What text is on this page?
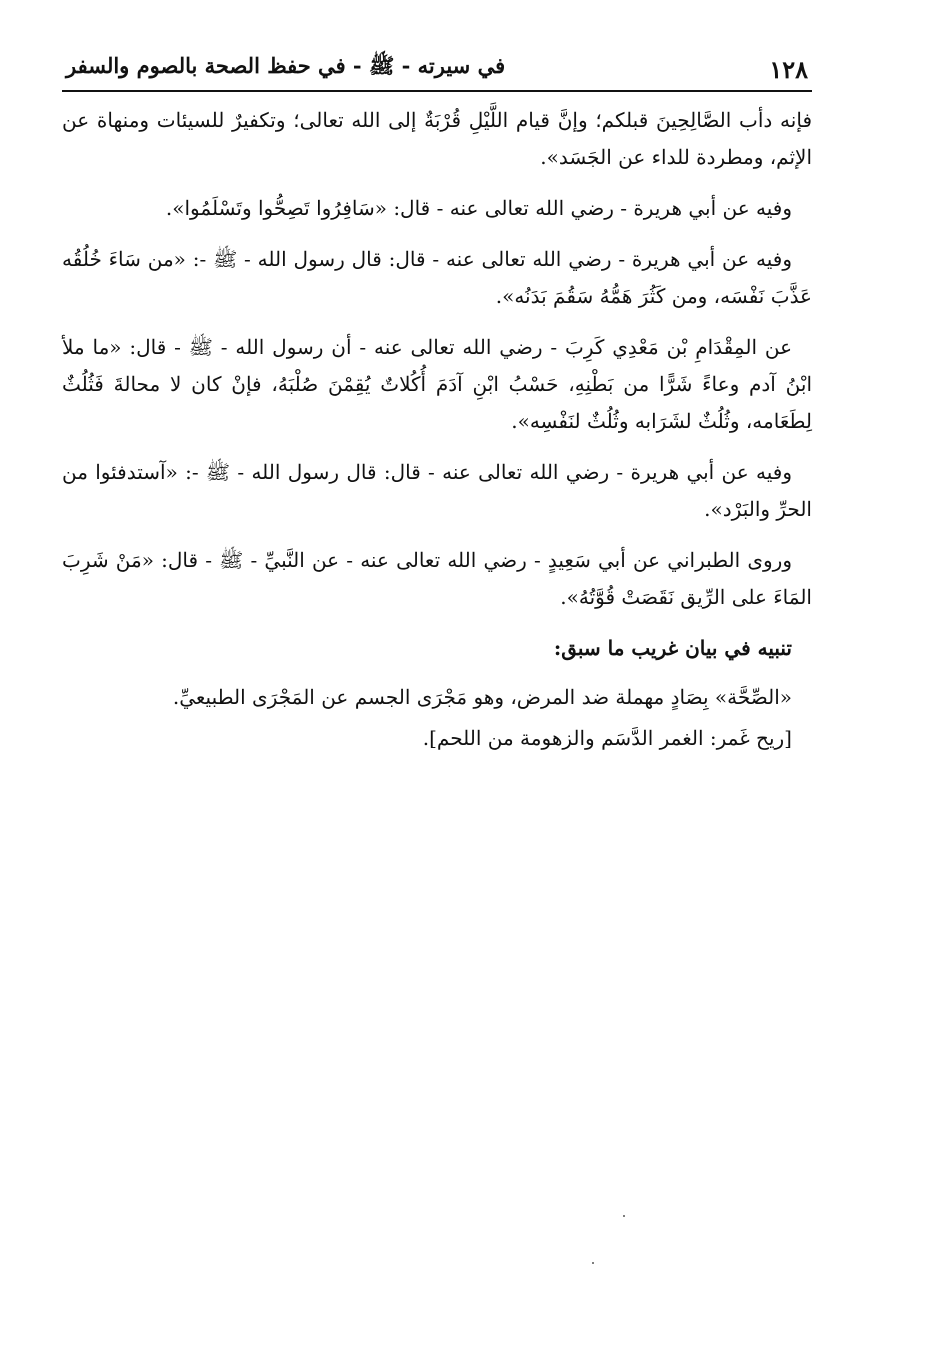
١٢٨
في سيرته - ﷺ - في حفظ الصحة بالصوم والسفر

فإنه دأب الصَّالِحِينَ قبلكم؛ وإنَّ قيام اللَّيْلِ قُرْبَةٌ إلى الله تعالى؛ وتكفيرٌ للسيئات ومنهاة عن الإثم، ومطردة للداء عن الجَسَد».

وفيه عن أبي هريرة - رضي الله تعالى عنه - قال: «سَافِرُوا تَصِحُّوا وتَسْلَمُوا».

وفيه عن أبي هريرة - رضي الله تعالى عنه - قال: قال رسول الله - ﷺ -: «من سَاءَ خُلُقُه عَذَّبَ نَفْسَه، ومن كَثُرَ هَمُّهُ سَقُمَ بَدَنُه».

عن المِقْدَامِ بْن مَعْدِي كَرِبَ - رضي الله تعالى عنه - أن رسول الله - ﷺ - قال: «ما ملأ ابْنُ آدم وعاءً شَرًّا من بَطْنِهِ، حَسْبُ ابْنِ آدَمَ أُكُلاتٌ يُقِمْنَ صُلْبَهُ، فإنْ كان لا محالةَ فَثُلُثٌ لِطَعَامه، وثُلُثٌ لشَرَابه وثُلُثٌ لنَفْسِه».

وفيه عن أبي هريرة - رضي الله تعالى عنه - قال: قال رسول الله - ﷺ -: «آستدفئوا من الحرِّ والبَرْد».

وروى الطبراني عن أبي سَعِيدٍ - رضي الله تعالى عنه - عن النَّبيِّ - ﷺ - قال: «مَنْ شَرِبَ المَاءَ على الرِّيق نَقَصَتْ قُوَّتُهُ».

تنبيه في بيان غريب ما سبق:

«الصِّحَّة» بِصَادٍ مهملة ضد المرض، وهو مَجْرَى الجسم عن المَجْرَى الطبيعيِّ.

[ريح غَمر: الغمر الدَّسَم والزهومة من اللحم].
